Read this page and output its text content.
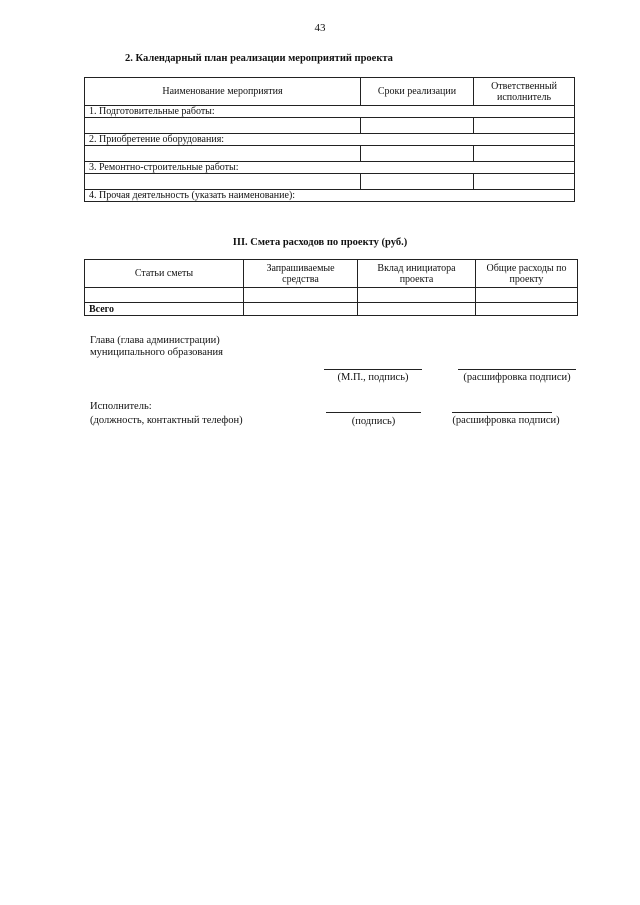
43
2. Календарный план реализации мероприятий проекта
Наименование мероприятия	Сроки реализации	Ответственный исполнитель
1. Подготовительные работы:		

2. Приобретение оборудования:		

3. Ремонтно-строительные работы:		

4. Прочая деятельность (указать наименование):		
III. Смета расходов по проекту (руб.)
Статьи сметы	Запрашиваемые средства	Вклад инициатора проекта	Общие расходы по проекту

Всего			
Глава (глава администрации)
муниципального образования
(М.П., подпись)	(расшифровка подписи)
Исполнитель:
(должность, контактный телефон)	(подпись)	(расшифровка подписи)
